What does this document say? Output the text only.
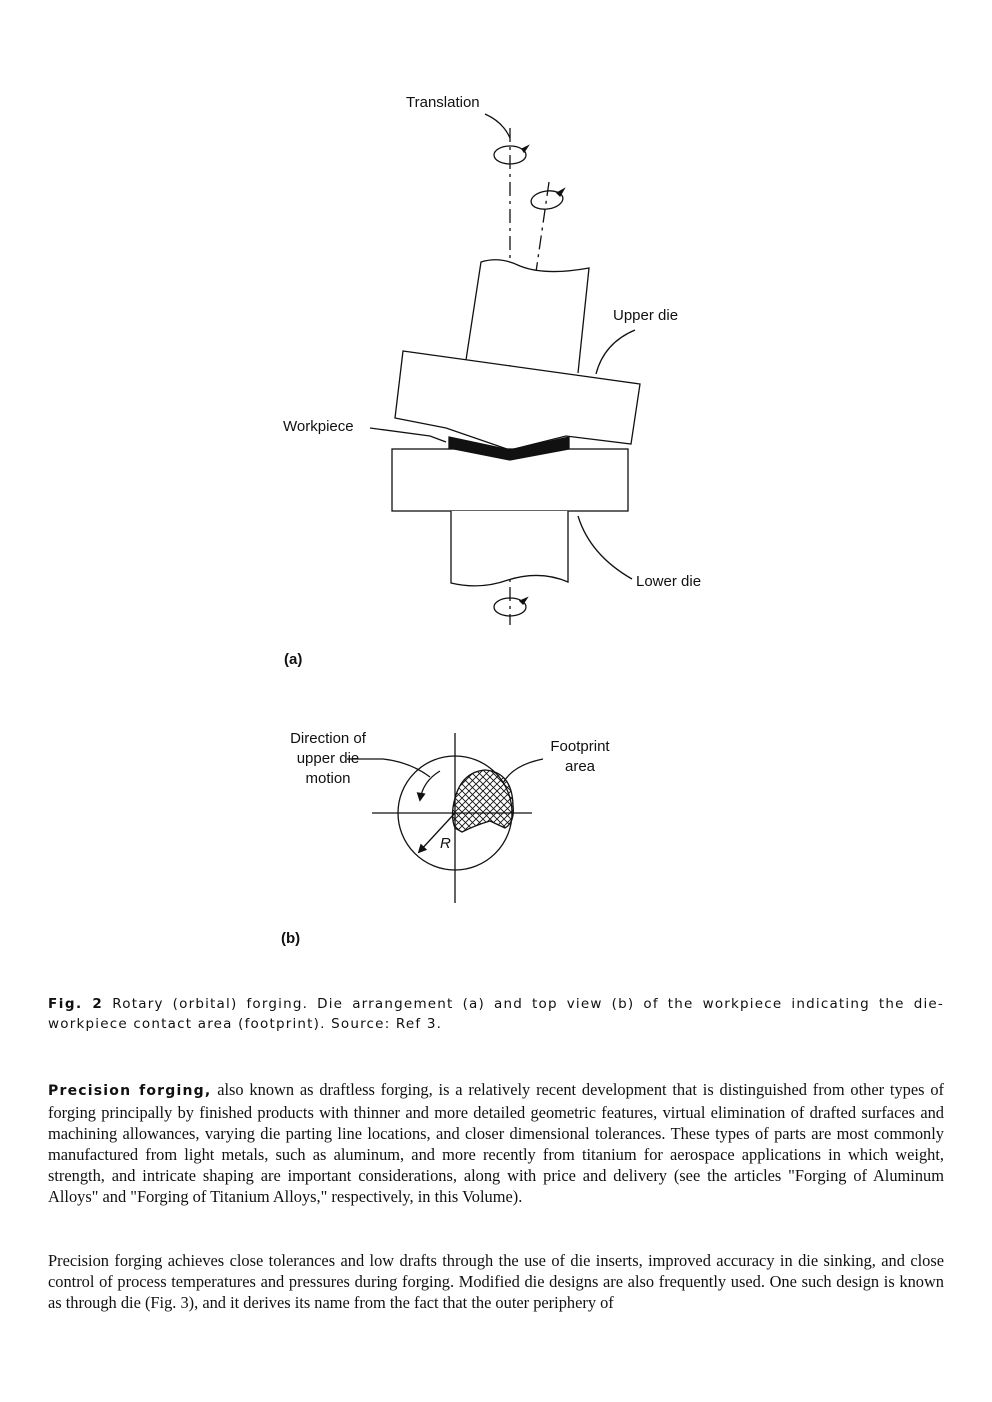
Translation
Upper die
Workpiece
Lower die
(a)
Direction of
upper die
motion
Footprint
area
R
(b)
Fig. 2 Rotary (orbital) forging. Die arrangement (a) and top view (b) of the workpiece indicating the die-workpiece contact area (footprint). Source: Ref 3.

Precision forging, also known as draftless forging, is a relatively recent development that is distinguished from other types of forging principally by finished products with thinner and more detailed geometric features, virtual elimination of drafted surfaces and machining allowances, varying die parting line locations, and closer dimensional tolerances. These types of parts are most commonly manufactured from light metals, such as aluminum, and more recently from titanium for aerospace applications in which weight, strength, and intricate shaping are important considerations, along with price and delivery (see the articles "Forging of Aluminum Alloys" and "Forging of Titanium Alloys," respectively, in this Volume).

Precision forging achieves close tolerances and low drafts through the use of die inserts, improved accuracy in die sinking, and close control of process temperatures and pressures during forging. Modified die designs are also frequently used. One such design is known as through die (Fig. 3), and it derives its name from the fact that the outer periphery of
